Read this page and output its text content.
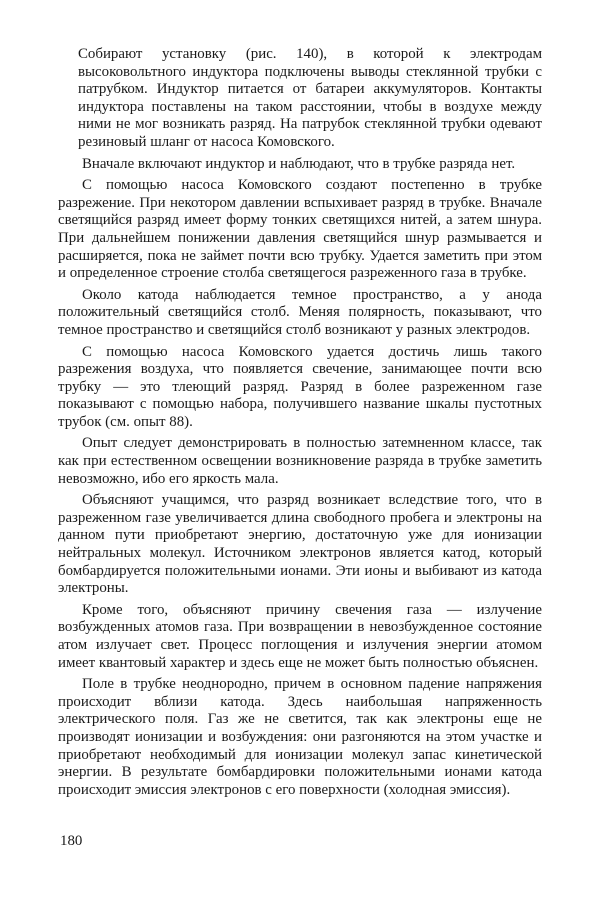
Собирают установку (рис. 140), в которой к электродам высоковольтного индуктора подключены выводы стеклянной трубки с патрубком. Индуктор питается от батареи аккумуляторов. Контакты индуктора поставлены на таком расстоянии, чтобы в воздухе между ними не мог возникать разряд. На патрубок стеклянной трубки одевают резиновый шланг от насоса Комовского.

Вначале включают индуктор и наблюдают, что в трубке разряда нет.

С помощью насоса Комовского создают постепенно в трубке разрежение. При некотором давлении вспыхивает разряд в трубке. Вначале светящийся разряд имеет форму тонких светящихся нитей, а затем шнура. При дальнейшем понижении давления светящийся шнур размывается и расширяется, пока не займет почти всю трубку. Удается заметить при этом и определенное строение столба светящегося разреженного газа в трубке.

Около катода наблюдается темное пространство, а у анода положительный светящийся столб. Меняя полярность, показывают, что темное пространство и светящийся столб возникают у разных электродов.

С помощью насоса Комовского удается достичь лишь такого разрежения воздуха, что появляется свечение, занимающее почти всю трубку — это тлеющий разряд. Разряд в более разреженном газе показывают с помощью набора, получившего название шкалы пустотных трубок (см. опыт 88).

Опыт следует демонстрировать в полностью затемненном классе, так как при естественном освещении возникновение разряда в трубке заметить невозможно, ибо его яркость мала.

Объясняют учащимся, что разряд возникает вследствие того, что в разреженном газе увеличивается длина свободного пробега и электроны на данном пути приобретают энергию, достаточную уже для ионизации нейтральных молекул. Источником электронов является катод, который бомбардируется положительными ионами. Эти ионы и выбивают из катода электроны.

Кроме того, объясняют причину свечения газа — излучение возбужденных атомов газа. При возвращении в невозбужденное состояние атом излучает свет. Процесс поглощения и излучения энергии атомом имеет квантовый характер и здесь еще не может быть полностью объяснен.

Поле в трубке неоднородно, причем в основном падение напряжения происходит вблизи катода. Здесь наибольшая напряженность электрического поля. Газ же не светится, так как электроны еще не производят ионизации и возбуждения: они разгоняются на этом участке и приобретают необходимый для ионизации молекул запас кинетической энергии. В результате бомбардировки положительными ионами катода происходит эмиссия электронов с его поверхности (холодная эмиссия).

180
